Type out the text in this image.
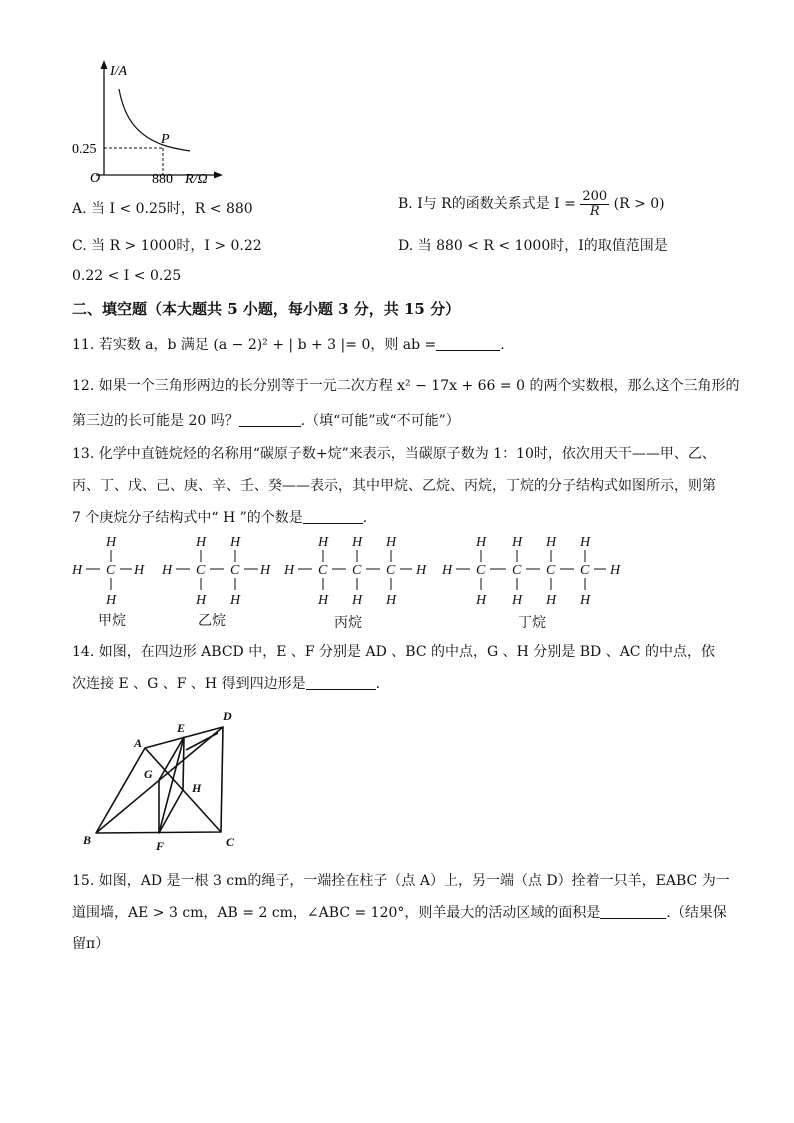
I/A
R/Ω
O
0.25
880
P
A. 当 I < 0.25时，R < 880	B. I与 R的函数关系式是 $I = \frac{200}{R} (R > 0)$
C. 当 R > 1000时，I > 0.22	D. 当 880 < R < 1000时，I的取值范围是
0.22 < I < 0.25
二、填空题（本大题共 5 小题，每小题 3 分，共 15 分）
11. 若实数 a，b 满足 (a − 2)² + | b + 3 |= 0，则 ab =	.
12. 如果一个三角形两边的长分别等于一元二次方程 x² − 17x + 66 = 0 的两个实数根，那么这个三角形的
第三边的长可能是 20 吗？	.（填“可能”或“不可能”）
13. 化学中直链烷烃的名称用“碳原子数+烷”来表示，当碳原子数为 1：10时，依次用天干——甲、乙、
丙、丁、戊、己、庚、辛、壬、癸——表示，其中甲烷、乙烷、丙烷，丁烷的分子结构式如图所示，则第
7 个庚烷分子结构式中“ H ”的个数是	.
H
H C H
H
H H
H C C H
H H
H H H
H C C C H
H H H
H H H H
H C C C C H
H H H H
甲烷	乙烷	丙烷	丁烷
14. 如图，在四边形 ABCD 中，E 、F 分别是 AD 、BC 的中点，G 、H 分别是 BD 、AC 的中点，依
次连接 E 、G 、F 、H 得到四边形是	.
A
E
D
G
H
B	F	C
15. 如图，AD 是一根 3 cm的绳子，一端拴在柱子（点 A）上，另一端（点 D）拴着一只羊，EABC 为一
道围墙，AE > 3 cm，AB = 2 cm，∠ABC = 120°，则羊最大的活动区域的面积是	.（结果保
留π）
